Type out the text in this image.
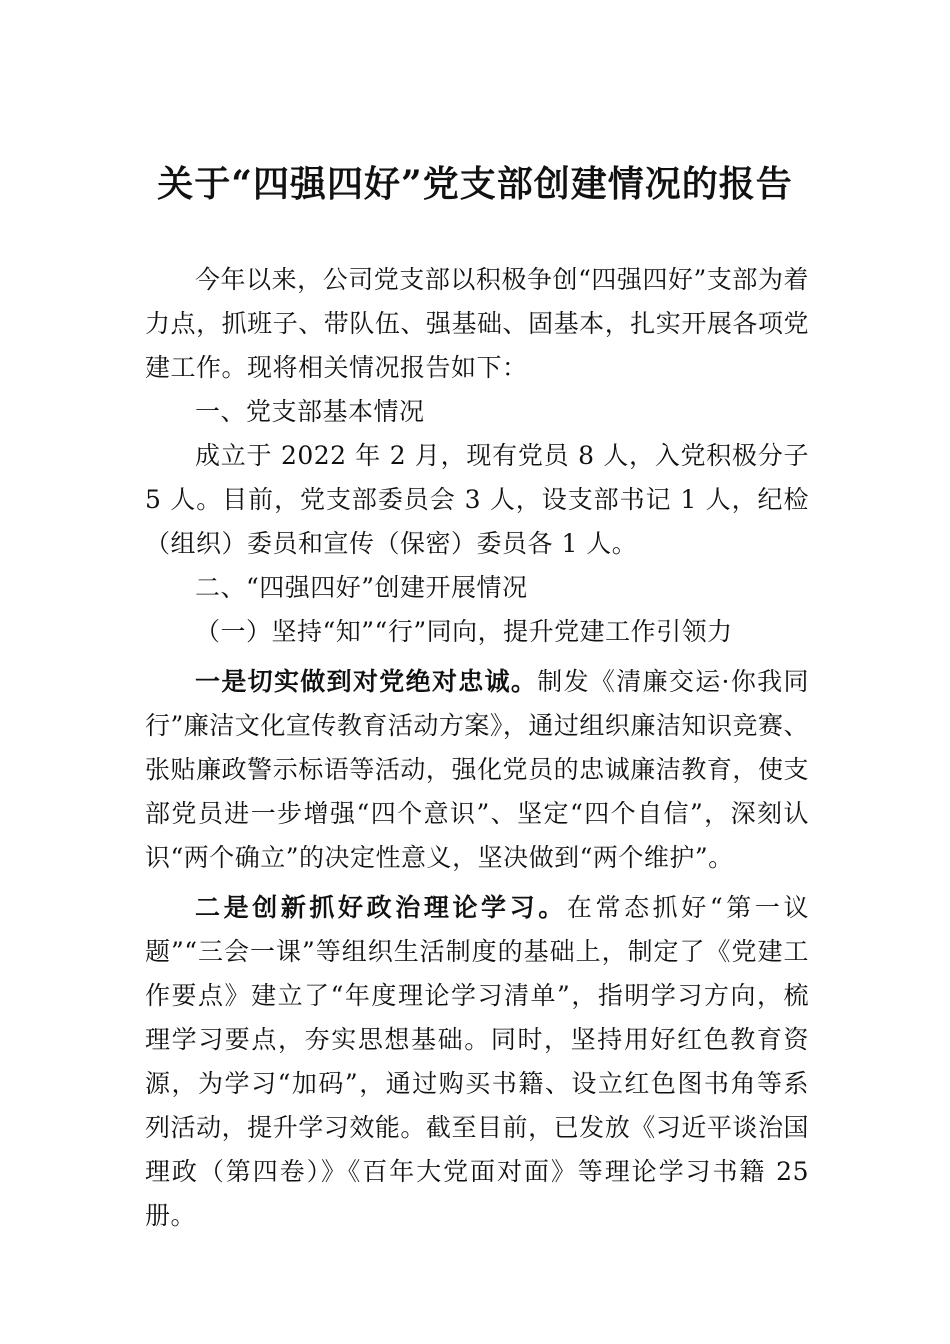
关于“四强四好”党支部创建情况的报告

今年以来，公司党支部以积极争创“四强四好”支部为着力点，抓班子、带队伍、强基础、固基本，扎实开展各项党建工作。现将相关情况报告如下：

一、党支部基本情况

成立于 2022 年 2 月，现有党员 8 人，入党积极分子 5 人。目前，党支部委员会 3 人，设支部书记 1 人，纪检（组织）委员和宣传（保密）委员各 1 人。

二、“四强四好”创建开展情况

（一）坚持“知”“行”同向，提升党建工作引领力

一是切实做到对党绝对忠诚。制发《清廉交运·你我同行”廉洁文化宣传教育活动方案》，通过组织廉洁知识竞赛、张贴廉政警示标语等活动，强化党员的忠诚廉洁教育，使支部党员进一步增强“四个意识”、坚定“四个自信”，深刻认识“两个确立”的决定性意义，坚决做到“两个维护”。

二是创新抓好政治理论学习。在常态抓好“第一议题”“三会一课”等组织生活制度的基础上，制定了《党建工作要点》建立了“年度理论学习清单”，指明学习方向，梳理学习要点，夯实思想基础。同时，坚持用好红色教育资源，为学习“加码”，通过购买书籍、设立红色图书角等系列活动，提升学习效能。截至目前，已发放《习近平谈治国理政（第四卷）》《百年大党面对面》等理论学习书籍 25 册。
